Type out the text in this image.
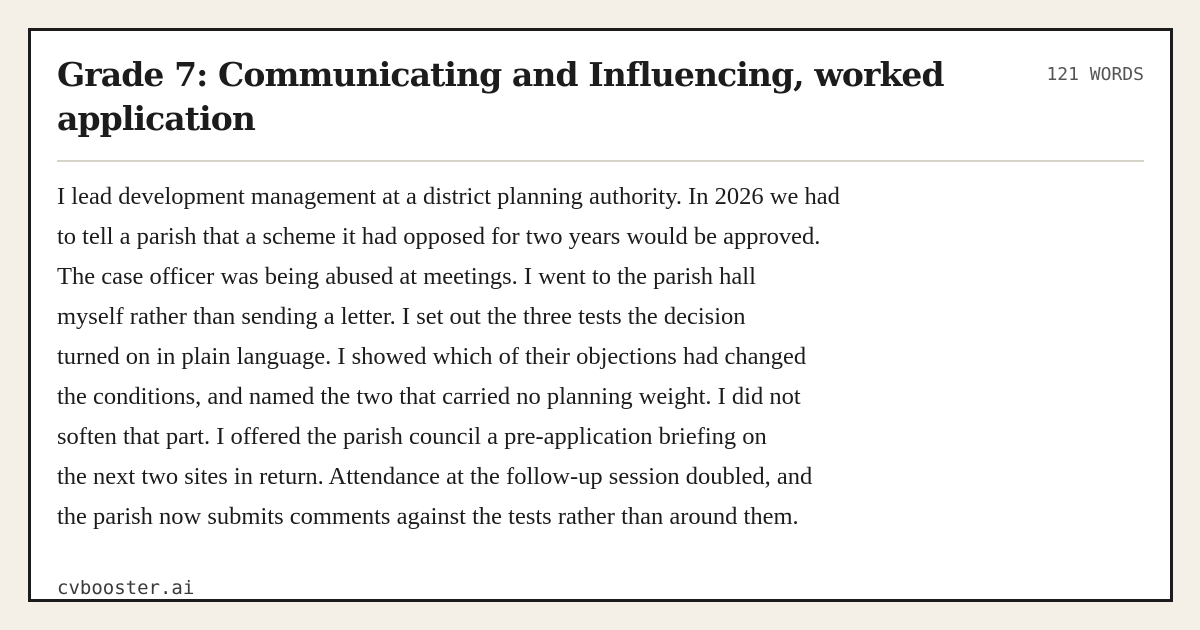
Grade 7: Communicating and Influencing, worked application
121 WORDS
I lead development management at a district planning authority. In 2026 we had
to tell a parish that a scheme it had opposed for two years would be approved.
The case officer was being abused at meetings. I went to the parish hall
myself rather than sending a letter. I set out the three tests the decision
turned on in plain language. I showed which of their objections had changed
the conditions, and named the two that carried no planning weight. I did not
soften that part. I offered the parish council a pre-application briefing on
the next two sites in return. Attendance at the follow-up session doubled, and
the parish now submits comments against the tests rather than around them.
cvbooster.ai
